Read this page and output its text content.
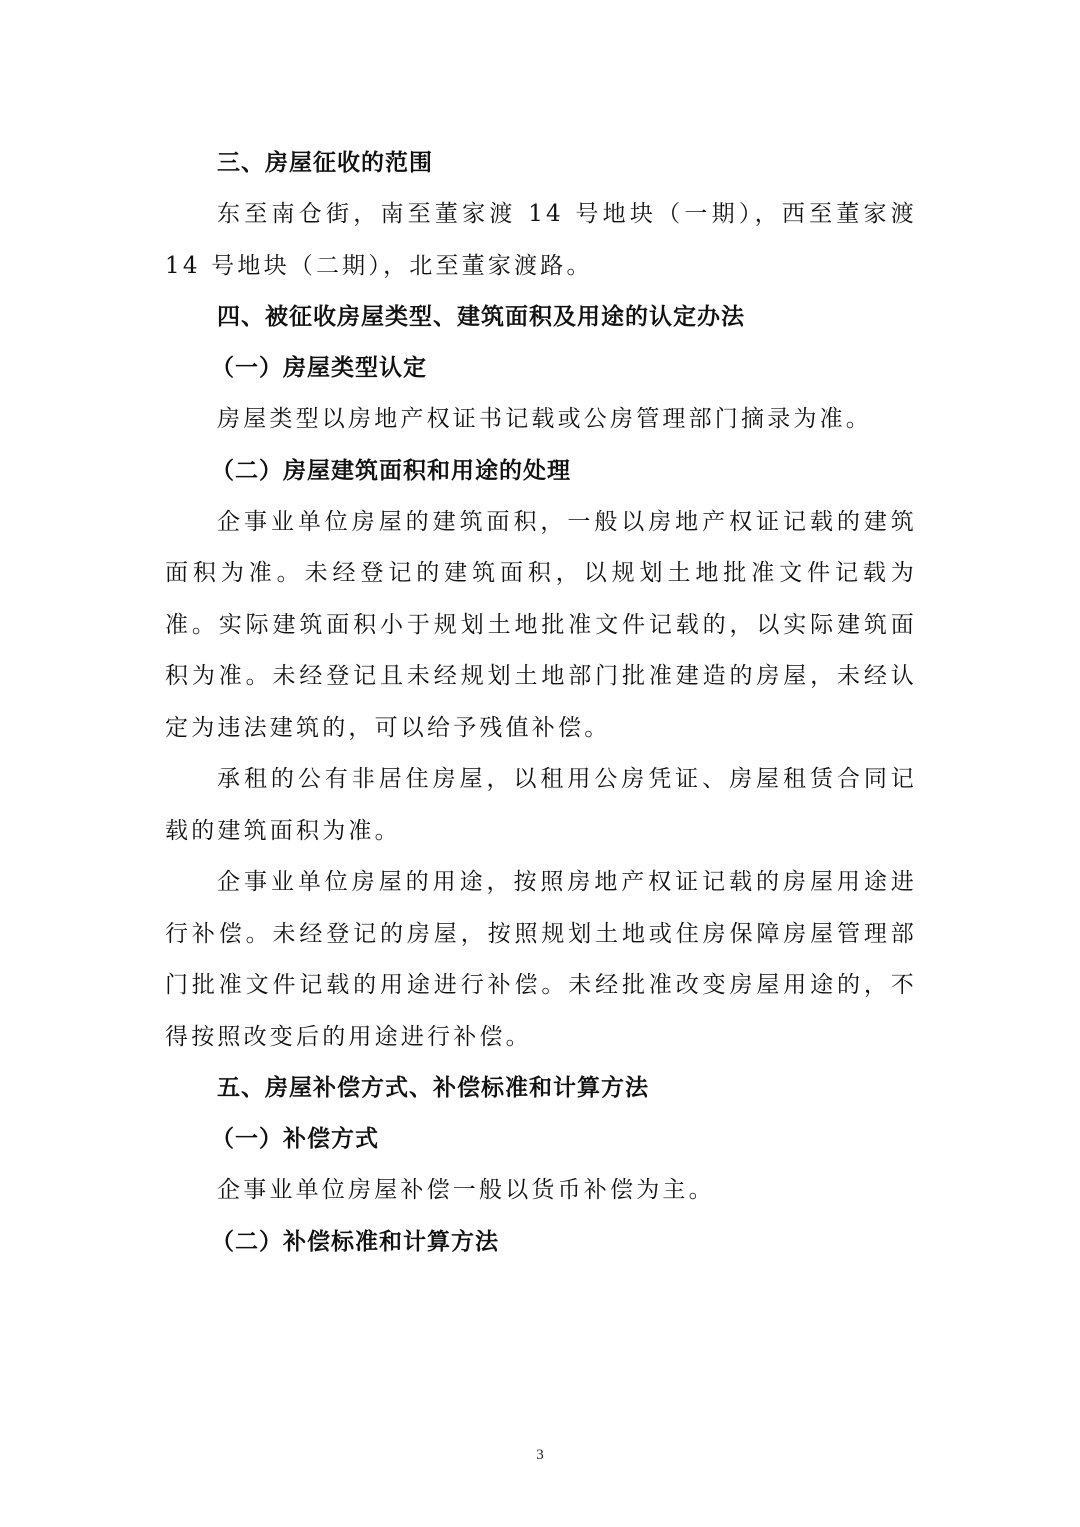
三、房屋征收的范围

东至南仓街，南至董家渡 14 号地块（一期），西至董家渡 14 号地块（二期），北至董家渡路。

四、被征收房屋类型、建筑面积及用途的认定办法

（一）房屋类型认定

房屋类型以房地产权证书记载或公房管理部门摘录为准。

（二）房屋建筑面积和用途的处理

企事业单位房屋的建筑面积，一般以房地产权证记载的建筑面积为准。未经登记的建筑面积，以规划土地批准文件记载为准。实际建筑面积小于规划土地批准文件记载的，以实际建筑面积为准。未经登记且未经规划土地部门批准建造的房屋，未经认定为违法建筑的，可以给予残值补偿。

承租的公有非居住房屋，以租用公房凭证、房屋租赁合同记载的建筑面积为准。

企事业单位房屋的用途，按照房地产权证记载的房屋用途进行补偿。未经登记的房屋，按照规划土地或住房保障房屋管理部门批准文件记载的用途进行补偿。未经批准改变房屋用途的，不得按照改变后的用途进行补偿。

五、房屋补偿方式、补偿标准和计算方法

（一）补偿方式

企事业单位房屋补偿一般以货币补偿为主。

（二）补偿标准和计算方法

3
